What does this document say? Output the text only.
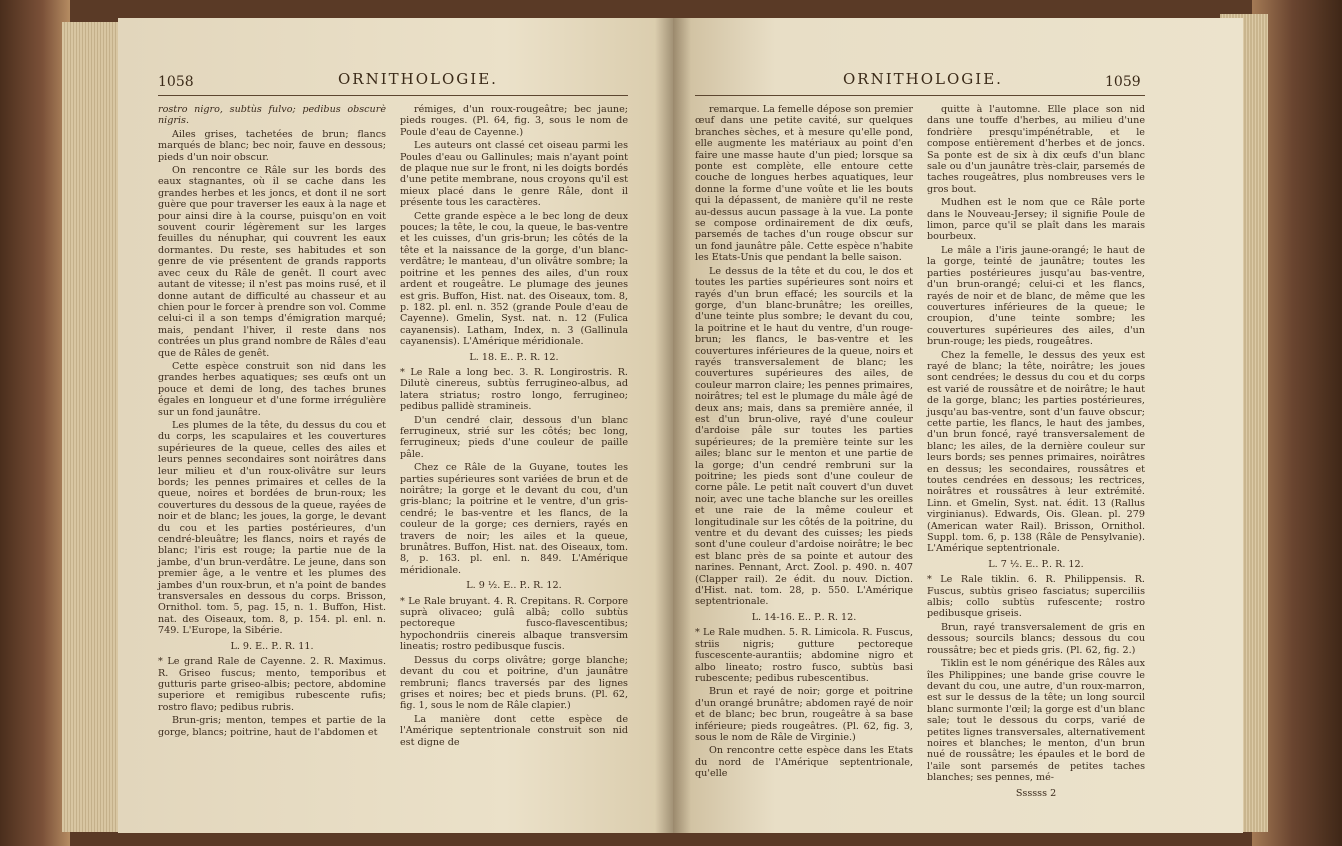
1058	ORNITHOLOGIE.

rostro nigro, subtùs fulvo; pedibus obscurè nigris.

Ailes grises, tachetées de brun; flancs marqués de blanc; bec noir, fauve en dessous; pieds d'un noir obscur.

On rencontre ce Râle sur les bords des eaux stagnantes, où il se cache dans les grandes herbes et les joncs, et dont il ne sort guère que pour traverser les eaux à la nage et pour ainsi dire à la course, puisqu'on en voit souvent courir légèrement sur les larges feuilles du nénuphar, qui couvrent les eaux dormantes. Du reste, ses habitudes et son genre de vie présentent de grands rapports avec ceux du Râle de genêt. Il court avec autant de vitesse; il n'est pas moins rusé, et il donne autant de difficulté au chasseur et au chien pour le forcer à prendre son vol. Comme celui-ci il a son temps d'émigration marqué; mais, pendant l'hiver, il reste dans nos contrées un plus grand nombre de Râles d'eau que de Râles de genêt.

Cette espèce construit son nid dans les grandes herbes aquatiques; ses œufs ont un pouce et demi de long, des taches brunes égales en longueur et d'une forme irrégulière sur un fond jaunâtre.

Les plumes de la tête, du dessus du cou et du corps, les scapulaires et les couvertures supérieures de la queue, celles des ailes et leurs pennes secondaires sont noirâtres dans leur milieu et d'un roux-olivâtre sur leurs bords; les pennes primaires et celles de la queue, noires et bordées de brun-roux; les couvertures du dessous de la queue, rayées de noir et de blanc; les joues, la gorge, le devant du cou et les parties postérieures, d'un cendré-bleuâtre; les flancs, noirs et rayés de blanc; l'iris est rouge; la partie nue de la jambe, d'un brun-verdâtre. Le jeune, dans son premier âge, a le ventre et les plumes des jambes d'un roux-brun, et n'a point de bandes transversales en dessous du corps. Brisson, Ornithol. tom. 5, pag. 15, n. 1. Buffon, Hist. nat. des Oiseaux, tom. 8, p. 154. pl. enl. n. 749. L'Europe, la Sibérie.

L. 9. E.. P.. R. 11.

* Le grand Rale de Cayenne. 2. R. Maximus. R. Griseo fuscus; mento, temporibus et gutturis parte griseo-albis; pectore, abdomine superiore et remigibus rubescente rufis; rostro flavo; pedibus rubris.

Brun-gris; menton, tempes et partie de la gorge, blancs; poitrine, haut de l'abdomen et

rémiges, d'un roux-rougeâtre; bec jaune; pieds rouges. (Pl. 64, fig. 3, sous le nom de Poule d'eau de Cayenne.)

Les auteurs ont classé cet oiseau parmi les Poules d'eau ou Gallinules; mais n'ayant point de plaque nue sur le front, ni les doigts bordés d'une petite membrane, nous croyons qu'il est mieux placé dans le genre Râle, dont il présente tous les caractères.

Cette grande espèce a le bec long de deux pouces; la tête, le cou, la queue, le bas-ventre et les cuisses, d'un gris-brun; les côtés de la tête et la naissance de la gorge, d'un blanc-verdâtre; le manteau, d'un olivâtre sombre; la poitrine et les pennes des ailes, d'un roux ardent et rougeâtre. Le plumage des jeunes est gris. Buffon, Hist. nat. des Oiseaux, tom. 8, p. 182. pl. enl. n. 352 (grande Poule d'eau de Cayenne). Gmelin, Syst. nat. n. 12 (Fulica cayanensis). Latham, Index, n. 3 (Gallinula cayanensis). L'Amérique méridionale.

L. 18. E.. P.. R. 12.

* Le Rale a long bec. 3. R. Longirostris. R. Dilutè cinereus, subtùs ferrugineo-albus, ad latera striatus; rostro longo, ferrugineo; pedibus pallidè stramineis.

D'un cendré clair, dessous d'un blanc ferrugineux, strié sur les côtés; bec long, ferrugineux; pieds d'une couleur de paille pâle.

Chez ce Râle de la Guyane, toutes les parties supérieures sont variées de brun et de noirâtre; la gorge et le devant du cou, d'un gris-blanc; la poitrine et le ventre, d'un gris-cendré; le bas-ventre et les flancs, de la couleur de la gorge; ces derniers, rayés en travers de noir; les ailes et la queue, brunâtres. Buffon, Hist. nat. des Oiseaux, tom. 8, p. 163. pl. enl. n. 849. L'Amérique méridionale.

L. 9 ½. E.. P.. R. 12.

* Le Rale bruyant. 4. R. Crepitans. R. Corpore suprà olivaceo; gulâ albâ; collo subtùs pectoreque fusco-flavescentibus; hypochondriis cinereis albaque transversim lineatis; rostro pedibusque fuscis.

Dessus du corps olivâtre; gorge blanche; devant du cou et poitrine, d'un jaunâtre rembruni; flancs traversés par des lignes grises et noires; bec et pieds bruns. (Pl. 62, fig. 1, sous le nom de Râle clapier.)

La manière dont cette espèce de l'Amérique septentrionale construit son nid est digne de

ORNITHOLOGIE.	1059

remarque. La femelle dépose son premier œuf dans une petite cavité, sur quelques branches sèches, et à mesure qu'elle pond, elle augmente les matériaux au point d'en faire une masse haute d'un pied; lorsque sa ponte est complète, elle entoure cette couche de longues herbes aquatiques, leur donne la forme d'une voûte et lie les bouts qui la dépassent, de manière qu'il ne reste au-dessus aucun passage à la vue. La ponte se compose ordinairement de dix œufs, parsemés de taches d'un rouge obscur sur un fond jaunâtre pâle. Cette espèce n'habite les Etats-Unis que pendant la belle saison.

Le dessus de la tête et du cou, le dos et toutes les parties supérieures sont noirs et rayés d'un brun effacé; les sourcils et la gorge, d'un blanc-brunâtre; les oreilles, d'une teinte plus sombre; le devant du cou, la poitrine et le haut du ventre, d'un rouge-brun; les flancs, le bas-ventre et les couvertures inférieures de la queue, noirs et rayés transversalement de blanc; les couvertures supérieures des ailes, de couleur marron claire; les pennes primaires, noirâtres; tel est le plumage du mâle âgé de deux ans; mais, dans sa première année, il est d'un brun-olive, rayé d'une couleur d'ardoise pâle sur toutes les parties supérieures; de la première teinte sur les ailes; blanc sur le menton et une partie de la gorge; d'un cendré rembruni sur la poitrine; les pieds sont d'une couleur de corne pâle. Le petit naît couvert d'un duvet noir, avec une tache blanche sur les oreilles et une raie de la même couleur et longitudinale sur les côtés de la poitrine, du ventre et du devant des cuisses; les pieds sont d'une couleur d'ardoise noirâtre; le bec est blanc près de sa pointe et autour des narines. Pennant, Arct. Zool. p. 490. n. 407 (Clapper rail). 2e édit. du nouv. Diction. d'Hist. nat. tom. 28, p. 550. L'Amérique septentrionale.

L. 14-16. E.. P.. R. 12.

* Le Rale mudhen. 5. R. Limicola. R. Fuscus, striis nigris; gutture pectoreque fuscescente-aurantiis; abdomine nigro et albo lineato; rostro fusco, subtùs basi rubescente; pedibus rubescentibus.

Brun et rayé de noir; gorge et poitrine d'un orangé brunâtre; abdomen rayé de noir et de blanc; bec brun, rougeâtre à sa base inférieure; pieds rougeâtres. (Pl. 62, fig. 3, sous le nom de Râle de Virginie.)

On rencontre cette espèce dans les Etats du nord de l'Amérique septentrionale, qu'elle

quitte à l'automne. Elle place son nid dans une touffe d'herbes, au milieu d'une fondrière presqu'impénétrable, et le compose entièrement d'herbes et de joncs. Sa ponte est de six à dix œufs d'un blanc sale ou d'un jaunâtre très-clair, parsemés de taches rougeâtres, plus nombreuses vers le gros bout.

Mudhen est le nom que ce Râle porte dans le Nouveau-Jersey; il signifie Poule de limon, parce qu'il se plaît dans les marais bourbeux.

Le mâle a l'iris jaune-orangé; le haut de la gorge, teinté de jaunâtre; toutes les parties postérieures jusqu'au bas-ventre, d'un brun-orangé; celui-ci et les flancs, rayés de noir et de blanc, de même que les couvertures inférieures de la queue; le croupion, d'une teinte sombre; les couvertures supérieures des ailes, d'un brun-rouge; les pieds, rougeâtres.

Chez la femelle, le dessus des yeux est rayé de blanc; la tête, noirâtre; les joues sont cendrées; le dessus du cou et du corps est varié de roussâtre et de noirâtre; le haut de la gorge, blanc; les parties postérieures, jusqu'au bas-ventre, sont d'un fauve obscur; cette partie, les flancs, le haut des jambes, d'un brun foncé, rayé transversalement de blanc; les ailes, de la dernière couleur sur leurs bords; ses pennes primaires, noirâtres en dessus; les secondaires, roussâtres et toutes cendrées en dessous; les rectrices, noirâtres et roussâtres à leur extrémité. Linn. et Gmelin, Syst. nat. édit. 13 (Rallus virginianus). Edwards, Ois. Glean. pl. 279 (American water Rail). Brisson, Ornithol. Suppl. tom. 6, p. 138 (Râle de Pensylvanie). L'Amérique septentrionale.

L. 7 ½. E.. P.. R. 12.

* Le Rale tiklin. 6. R. Philippensis. R. Fuscus, subtùs griseo fasciatus; superciliis albis; collo subtùs rufescente; rostro pedibusque griseis.

Brun, rayé transversalement de gris en dessous; sourcils blancs; dessous du cou roussâtre; bec et pieds gris. (Pl. 62, fig. 2.)

Tiklin est le nom générique des Râles aux îles Philippines; une bande grise couvre le devant du cou, une autre, d'un roux-marron, est sur le dessus de la tête; un long sourcil blanc surmonte l'œil; la gorge est d'un blanc sale; tout le dessous du corps, varié de petites lignes transversales, alternativement noires et blanches; le menton, d'un brun nué de roussâtre; les épaules et le bord de l'aile sont parsemés de petites taches blanches; ses pennes, mé-

Ssssss 2
